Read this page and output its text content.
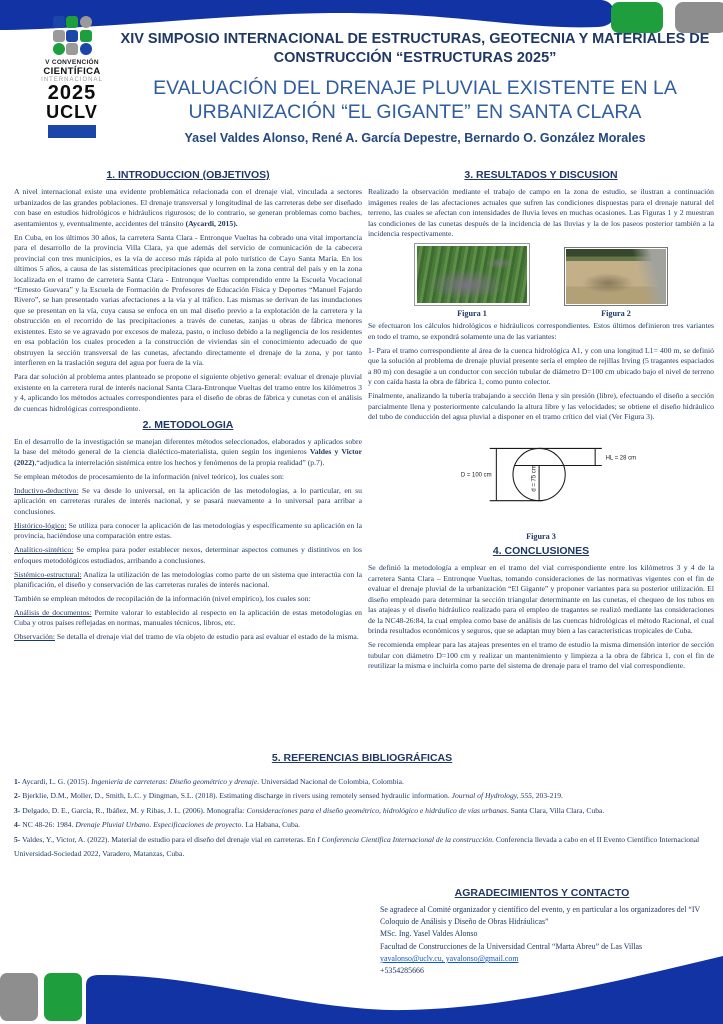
V CONVENCIÓN
CIENTÍFICA
INTERNACIONAL
2025
UCLV
XIV SIMPOSIO INTERNACIONAL DE ESTRUCTURAS, GEOTECNIA Y MATERIALES DE CONSTRUCCIÓN “ESTRUCTURAS 2025”
EVALUACIÓN DEL DRENAJE PLUVIAL EXISTENTE EN LA URBANIZACIÓN “EL GIGANTE” EN SANTA CLARA
Yasel Valdes Alonso, René A. García Depestre, Bernardo O. González Morales
1. INTRODUCCION (OBJETIVOS)

A nivel internacional existe una evidente problemática relacionada con el drenaje vial, vinculada a sectores urbanizados de las grandes poblaciones. El drenaje transversal y longitudinal de las carreteras debe ser diseñado con base en estudios hidrológicos e hidráulicos rigurosos; de lo contrario, se generan problemas como baches, asentamientos y, eventualmente, accidentes del tránsito (Aycardi, 2015).

En Cuba, en los últimos 30 años, la carretera Santa Clara - Entronque Vueltas ha cobrado una vital importancia para el desarrollo de la provincia Villa Clara, ya que además del servicio de comunicación de la cabecera provincial con tres municipios, es la vía de acceso más rápida al polo turístico de Cayo Santa María. En los últimos 5 años, a causa de las sistemáticas precipitaciones que ocurren en la zona central del país y en la zona localizada en el tramo de carretera Santa Clara - Entronque Vueltas comprendido entre la Escuela Vocacional “Ernesto Guevara” y la Escuela de Formación de Profesores de Educación Física y Deportes “Manuel Fajardo Rivero”, se han presentado varias afectaciones a la vía y al tráfico. Las mismas se derivan de las inundaciones que se presentan en la vía, cuya causa se enfoca en un mal diseño previo a la explotación de la carretera y la obstrucción en el recorrido de las precipitaciones a través de cunetas, zanjas u obras de fábrica menores existentes. Esto se ve agravado por excesos de maleza, pasto, o incluso debido a la negligencia de los residentes en esa población los cuales proceden a la construcción de viviendas sin el conocimiento adecuado de que obstruyen la sección transversal de las cunetas, afectando directamente el drenaje de la zona, y por tanto interfieren en la traslación segura del agua por fuera de la vía.

Para dar solución al problema antes planteado se propone el siguiente objetivo general: evaluar el drenaje pluvial existente en la carretera rural de interés nacional Santa Clara-Entronque Vueltas del tramo entre los kilómetros 3 y 4, aplicando los métodos actuales correspondientes para el diseño de obras de fábrica y cunetas con el análisis de cuencas hidrológicas correspondiente.

2. METODOLOGIA

En el desarrollo de la investigación se manejan diferentes métodos seleccionados, elaborados y aplicados sobre la base del método general de la ciencia dialéctico-materialista, quien según los ingenieros Valdes y Victor (2022),“adjudica la interrelación sistémica entre los hechos y fenómenos de la propia realidad” (p.7).

Se emplean métodos de procesamiento de la información (nivel teórico), los cuales son:

Inductivo-deductivo: Se va desde lo universal, en la aplicación de las metodologías, a lo particular, en su aplicación en carreteras rurales de interés nacional, y se pasará nuevamente a lo universal para arribar a conclusiones.

Histórico-lógico: Se utiliza para conocer la aplicación de las metodologías y específicamente su aplicación en la provincia, haciéndose una comparación entre estas.

Analítico-sintético: Se emplea para poder establecer nexos, determinar aspectos comunes y distintivos en los enfoques metodológicos estudiados, arribando a conclusiones.

Sistémico-estructural: Analiza la utilización de las metodologías como parte de un sistema que interactúa con la planificación, el diseño y conservación de las carreteras rurales de interés nacional.

También se emplean métodos de recopilación de la información (nivel empírico), los cuales son:

Análisis de documentos: Permite valorar lo establecido al respecto en la aplicación de estas metodologías en Cuba y otros países reflejadas en normas, manuales técnicos, libros, etc.

Observación: Se detalla el drenaje vial del tramo de vía objeto de estudio para así evaluar el estado de la misma.

3. RESULTADOS Y DISCUSION

Realizado la observación mediante el trabajo de campo en la zona de estudio, se ilustran a continuación imágenes reales de las afectaciones actuales que sufren las condiciones dispuestas para el drenaje natural del terreno, las cuales se afectan con intensidades de lluvia leves en muchas ocasiones. Las Figuras 1 y 2 muestran las condiciones de las cunetas después de la incidencia de las lluvias y la de los paseos posterior también a la incidencia respectivamente.

Figura 1	Figura 2

Se efectuaron los cálculos hidrológicos e hidráulicos correspondientes. Estos últimos definieron tres variantes en todo el tramo, se expondrá solamente una de las variantes:

1- Para el tramo correspondiente al área de la cuenca hidrológica A1, y con una longitud L1= 400 m, se definió que la solución al problema de drenaje pluvial presente sería el empleo de rejillas Irving (5 tragantes espaciados a 80 m) con desagüe a un conductor con sección tubular de diámetro D=100 cm ubicado bajo el nivel de terreno y con caída hasta la obra de fábrica 1, como punto colector.

Finalmente, analizando la tubería trabajando a sección llena y sin presión (libre), efectuando el diseño a sección parcialmente llena y posteriormente calculando la altura libre y las velocidades; se obtiene el diseño hidráulico del tubo de conducción del agua pluvial a disponer en el tramo crítico del vial (Ver Figura 3).

D = 100 cm
HL = 28 cm
d = 75 cm
Figura 3
4. CONCLUSIONES

Se definió la metodología a emplear en el tramo del vial correspondiente entre los kilómetros 3 y 4 de la carretera Santa Clara – Entronque Vueltas, tomando consideraciones de las normativas vigentes con el fin de evaluar el drenaje pluvial de la urbanización “El Gigante” y proponer variantes para su posterior utilización. El diseño empleado para determinar la sección triangular determinante en las cunetas, el chequeo de los tubos en las atajeas y el diseño hidráulico realizado para el empleo de tragantes se realizó mediante las consideraciones de la NC48-26:84, la cual emplea como base de análisis de las cuencas hidrológicas el método Racional, el cual brinda resultados económicos y seguros, que se adaptan muy bien a las características tropicales de Cuba.

Se recomienda emplear para las atajeas presentes en el tramo de estudio la misma dimensión interior de sección tubular con diámetro D=100 cm y realizar un mantenimiento y limpieza a la obra de fábrica 1, con el fin de reutilizar la misma e incluirla como parte del sistema de drenaje para el tramo del vial correspondiente.

5. REFERENCIAS BIBLIOGRÁFICAS

1- Aycardi, L. G. (2015). Ingeniería de carreteras: Diseño geométrico y drenaje. Universidad Nacional de Colombia, Colombia.

2- Bjerklie, D.M., Moller, D., Smith, L.C. y Dingman, S.L. (2018). Estimating discharge in rivers using remotely sensed hydraulic information. Journal of Hydrology, 555, 203-219.

3- Delgado, D. E., García, R., Ibáñez, M. y Ribas, J. L. (2006). Monografía: Consideraciones para el diseño geométrico, hidrológico e hidráulico de vías urbanas. Santa Clara, Villa Clara, Cuba.

4- NC 48-26: 1984. Drenaje Pluvial Urbano. Especificaciones de proyecto. La Habana, Cuba.

5- Valdes, Y., Victor, A. (2022). Material de estudio para el diseño del drenaje vial en carreteras. En I Conferencia Científica Internacional de la construcción. Conferencia llevada a cabo en el II Evento Científico Internacional Universidad-Sociedad 2022, Varadero, Matanzas, Cuba.

AGRADECIMIENTOS Y CONTACTO

Se agradece al Comité organizador y científico del evento, y en particular a los organizadores del “IV Coloquio de Análisis y Diseño de Obras Hidráulicas”

MSc. Ing. Yasel Valdes Alonso

Facultad de Construcciones de la Universidad Central “Marta Abreu” de Las Villas

yavalonso@uclv.cu, yavalonso@gmail.com

+5354285666
